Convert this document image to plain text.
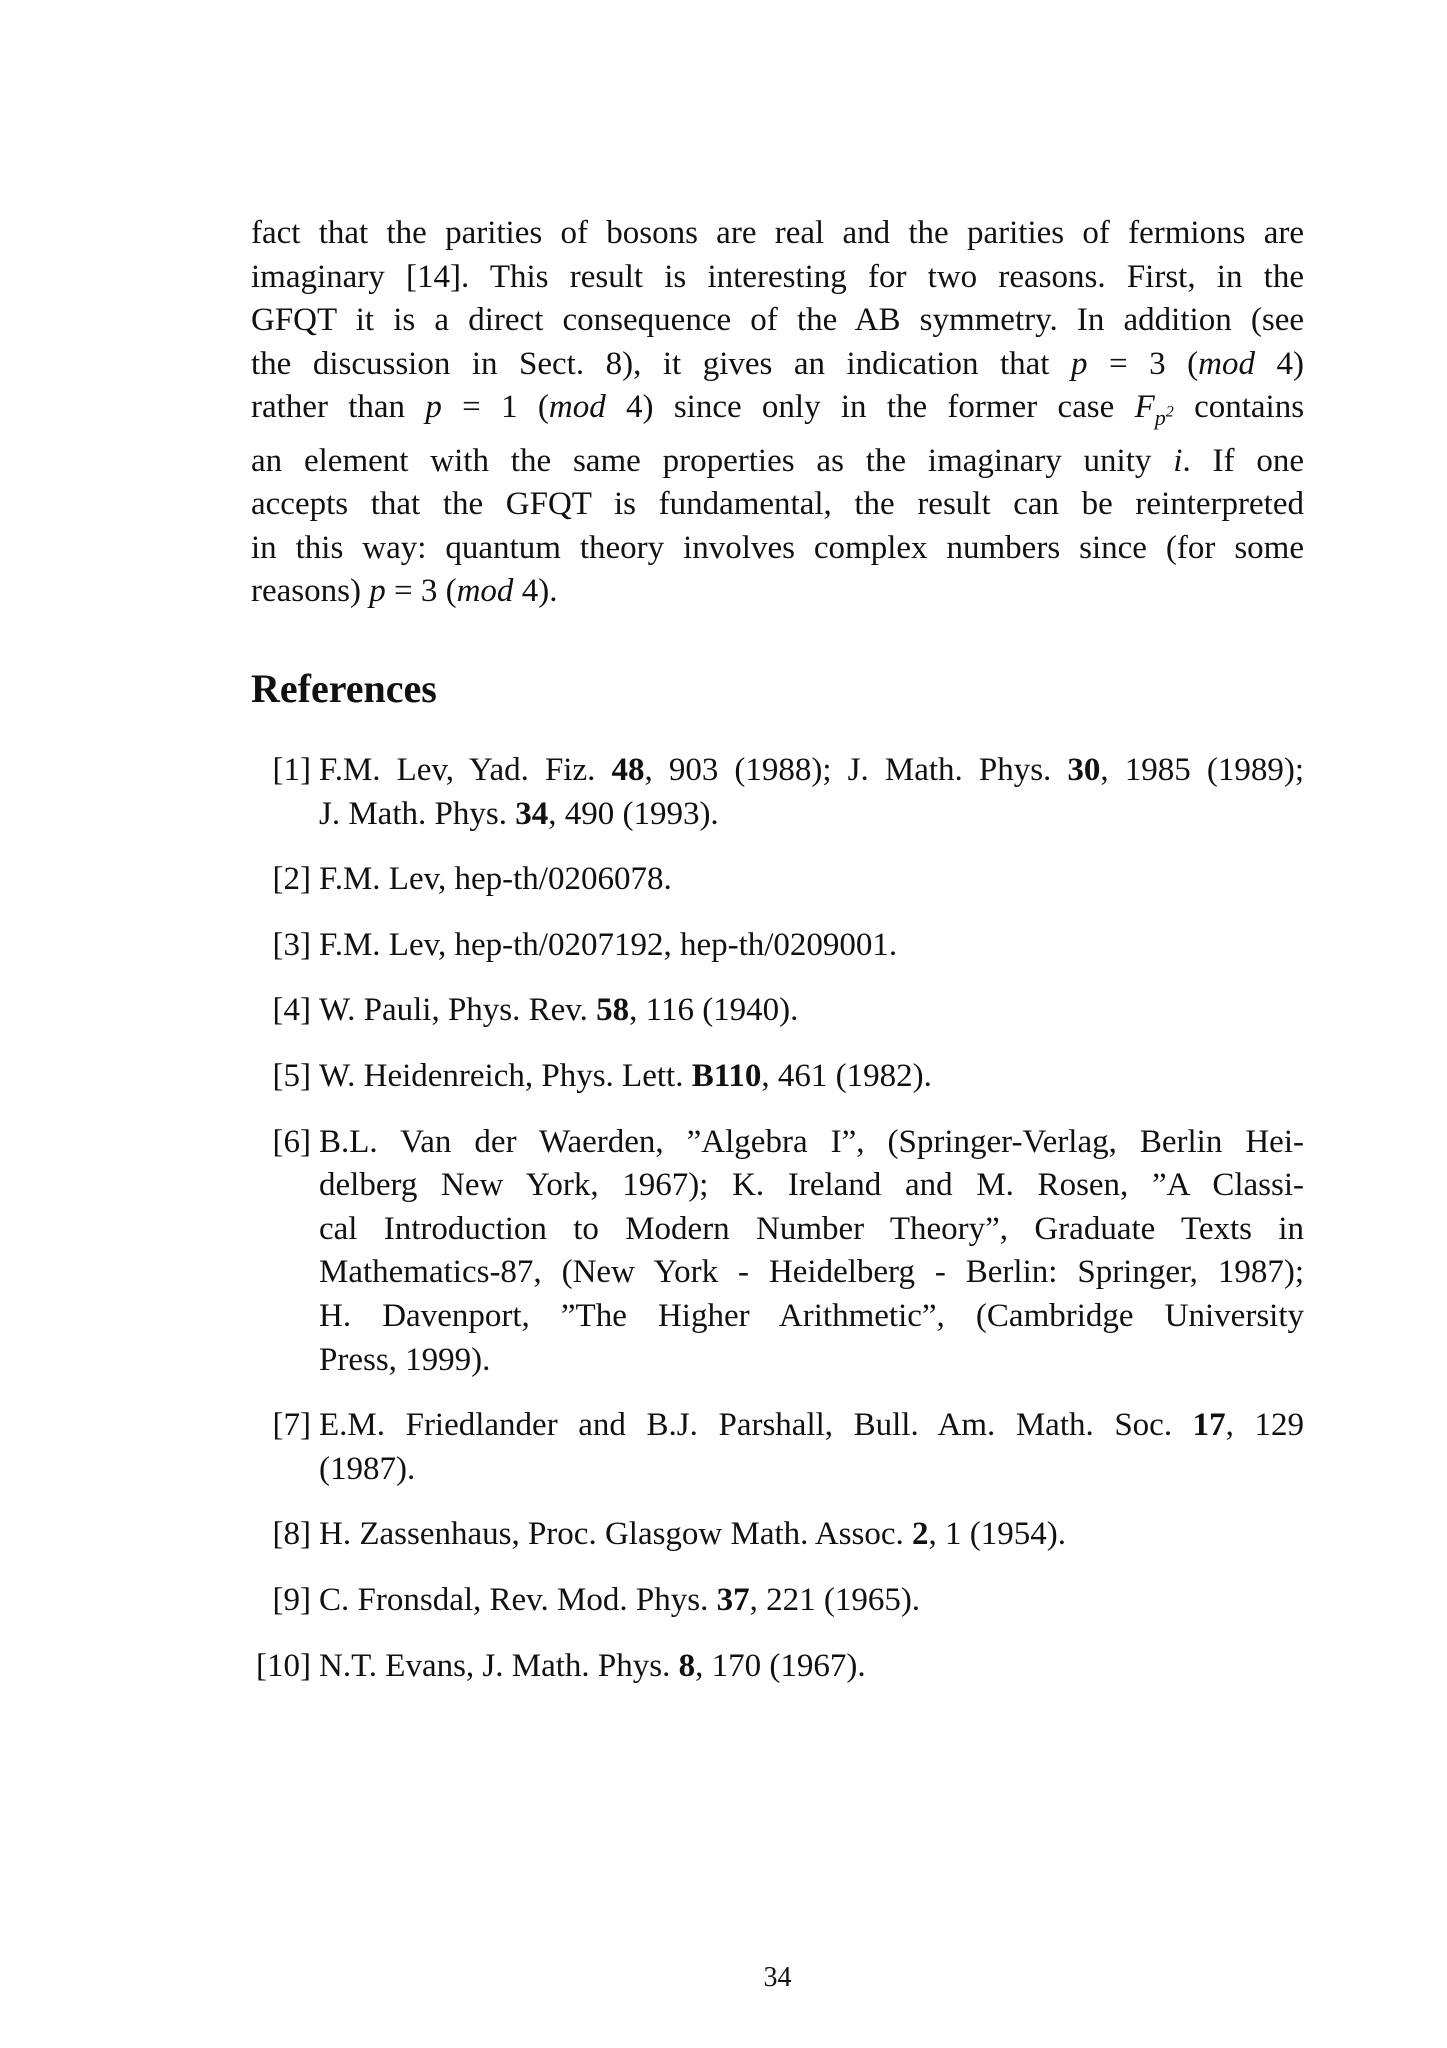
fact that the parities of bosons are real and the parities of fermions are
imaginary [14]. This result is interesting for two reasons. First, in the
GFQT it is a direct consequence of the AB symmetry. In addition (see
the discussion in Sect. 8), it gives an indication that p = 3 (mod 4)
rather than p = 1 (mod 4) since only in the former case $F_{p^2}$ contains
an element with the same properties as the imaginary unity i. If one
accepts that the GFQT is fundamental, the result can be reinterpreted
in this way: quantum theory involves complex numbers since (for some
reasons) p = 3 (mod 4).

References
[1] F.M. Lev, Yad. Fiz. 48, 903 (1988); J. Math. Phys. 30, 1985 (1989);
J. Math. Phys. 34, 490 (1993).
[2] F.M. Lev, hep-th/0206078.
[3] F.M. Lev, hep-th/0207192, hep-th/0209001.
[4] W. Pauli, Phys. Rev. 58, 116 (1940).
[5] W. Heidenreich, Phys. Lett. B110, 461 (1982).
[6] B.L. Van der Waerden, ”Algebra I”, (Springer-Verlag, Berlin Hei-
delberg New York, 1967); K. Ireland and M. Rosen, ”A Classi-
cal Introduction to Modern Number Theory”, Graduate Texts in
Mathematics-87, (New York - Heidelberg - Berlin: Springer, 1987);
H. Davenport, ”The Higher Arithmetic”, (Cambridge University
Press, 1999).
[7] E.M. Friedlander and B.J. Parshall, Bull. Am. Math. Soc. 17, 129
(1987).
[8] H. Zassenhaus, Proc. Glasgow Math. Assoc. 2, 1 (1954).
[9] C. Fronsdal, Rev. Mod. Phys. 37, 221 (1965).
[10] N.T. Evans, J. Math. Phys. 8, 170 (1967).
34
